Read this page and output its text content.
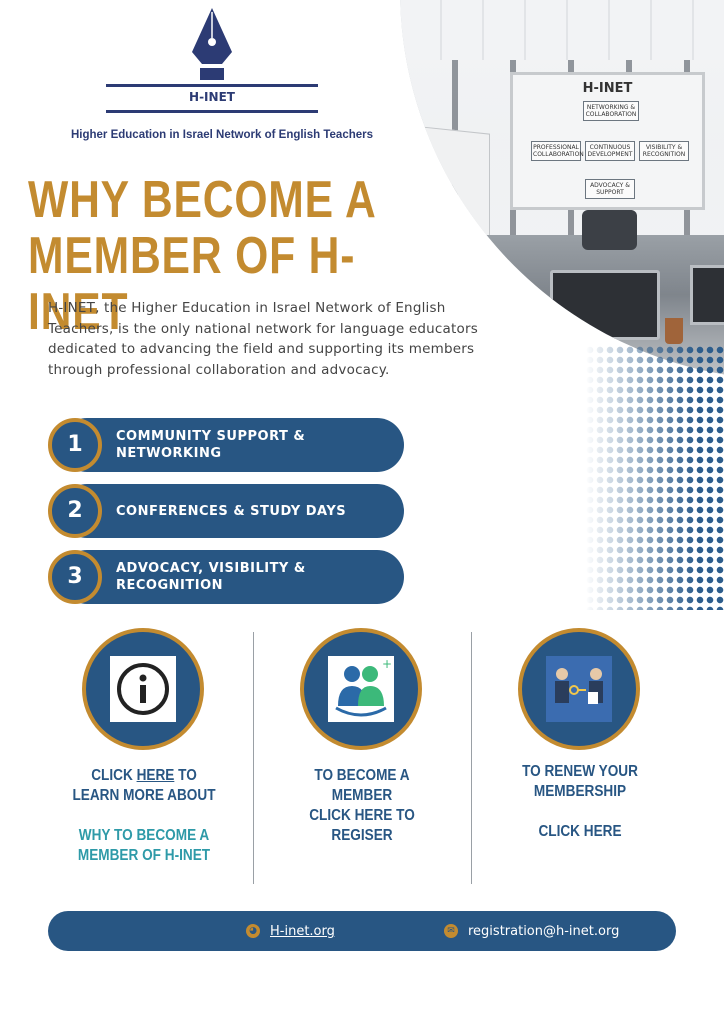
H-INET
NETWORKING & COLLABORATION
PROFESSIONAL COLLABORATION
CONTINUOUS DEVELOPMENT
VISIBILITY & RECOGNITION
ADVOCACY & SUPPORT
H-INET
Higher Education in Israel Network of English Teachers
WHY BECOME A
MEMBER OF H-INET

H-INET, the Higher Education in Israel Network of English Teachers, is the only national network for language educators dedicated to advancing the field and supporting its members through professional collaboration and advocacy.

1	COMMUNITY SUPPORT & NETWORKING
2	CONFERENCES & STUDY DAYS
3	ADVOCACY, VISIBILITY & RECOGNITION
CLICK HERE TO LEARN MORE ABOUT
WHY TO BECOME A MEMBER OF H-INET
+
TO BECOME A MEMBER
CLICK HERE TO REGISER
TO RENEW YOUR MEMBERSHIP
CLICK HERE
◕ H-inet.org	✉ registration@h-inet.org
